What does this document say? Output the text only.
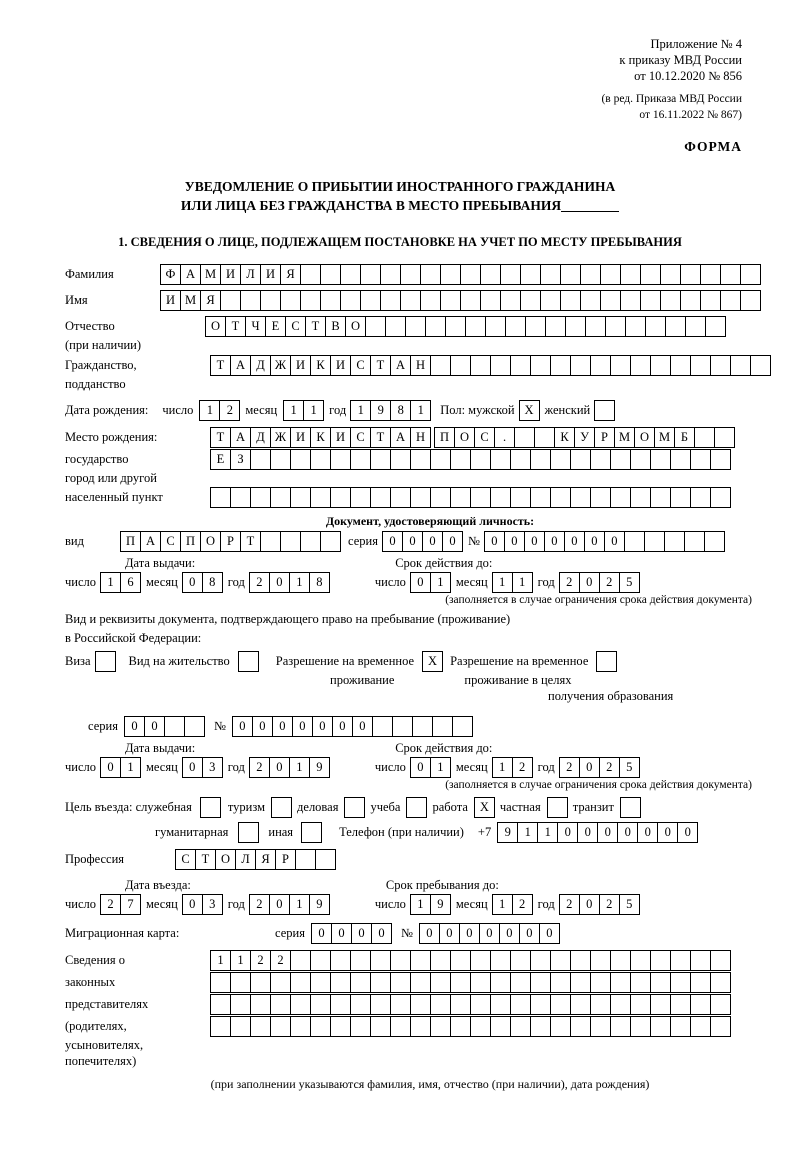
Приложение № 4
к приказу МВД России
от 10.12.2020 № 856
(в ред. Приказа МВД России
от 16.11.2022 № 867)
ФОРМА
УВЕДОМЛЕНИЕ О ПРИБЫТИИ ИНОСТРАННОГО ГРАЖДАНИНА
ИЛИ ЛИЦА БЕЗ ГРАЖДАНСТВА В МЕСТО ПРЕБЫВАНИЯ
1. СВЕДЕНИЯ О ЛИЦЕ, ПОДЛЕЖАЩЕМ ПОСТАНОВКЕ НА УЧЕТ ПО МЕСТУ ПРЕБЫВАНИЯ
Фамилия	Ф А М И Л И Я
Имя	И М Я
Отчество	О Т Ч Е С Т В О
(при наличии)
Гражданство,	Т А Д Ж И К И С Т А Н
подданство
Дата рождения: число	1	2 месяц	1	1 год 1	9	8	1	Пол: мужской X женский
Место рождения:	Т А Д Ж И К И С Т А Н	П О С	.	К У Р М О М Б
государство	Е	З
город или другой
населенный пункт
Документ, удостоверяющий личность:
вид	П А С П О Р	Т	серия 0	0	0	0 № 0	0	0	0	0	0	0
Дата выдачи:	Срок действия до:
число 1	6 месяц 0	8 год 2	0	1	8	число 0	1 месяц 1	1 год 2	0	2	5
(заполняется в случае ограничения срока действия документа)
Вид и реквизиты документа, подтверждающего право на пребывание (проживание)
в Российской Федерации:
Виза	Вид на жительство	Разрешение на временное	X	Разрешение на временное
проживание	проживание в целях
получения образования
серия	0	0	№	0	0	0	0	0	0	0
Дата выдачи:	Срок действия до:
число 0	1 месяц 0	3 год 2	0	1	9	число 0	1 месяц 1	2 год 2	0	2	5
(заполняется в случае ограничения срока действия документа)
Цель въезда: служебная	туризм	деловая	учеба	работа X частная	транзит
гуманитарная	иная	Телефон (при наличии) +7	9	1	1	0	0	0	0	0	0	0
Профессия	С Т О Л Я Р
Дата въезда:	Срок пребывания до:
число 2	7 месяц 0	3 год 2	0	1	9	число 1	9 месяц 1	2 год 2	0	2	5
Миграционная карта:	серия	0	0	0	0	№	0	0	0	0	0	0	0
Сведения о	1	1	2	2
законных
представителях
(родителях,
усыновителях,
попечителях)
(при заполнении указываются фамилия, имя, отчество (при наличии), дата рождения)
